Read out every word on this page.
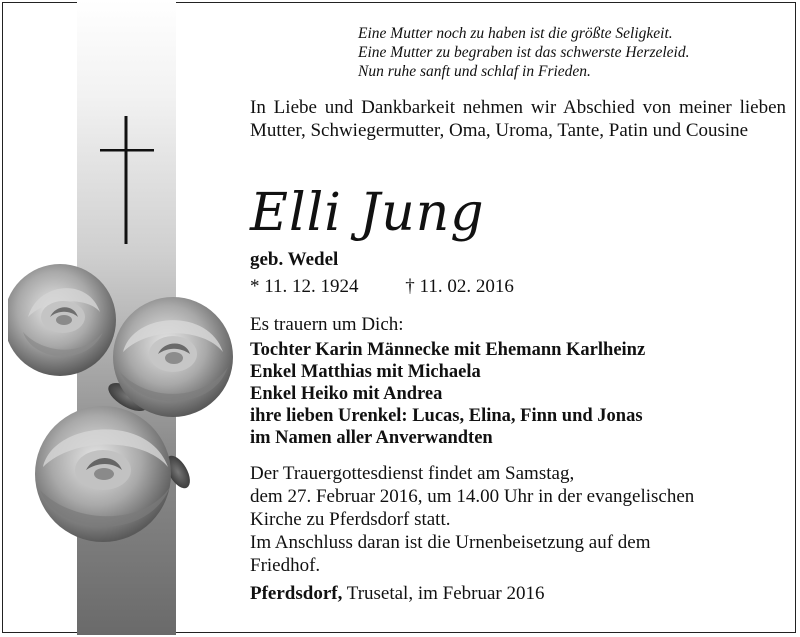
Eine Mutter noch zu haben ist die größte Seligkeit.
Eine Mutter zu begraben ist das schwerste Herzeleid.
Nun ruhe sanft und schlaf in Frieden.
In Liebe und Dankbarkeit nehmen wir Abschied von meiner lieben Mutter, Schwiegermutter, Oma, Uroma, Tante, Patin und Cousine
Elli Jung
geb. Wedel
* 11. 12. 1924 † 11. 02. 2016
Es trauern um Dich:
Tochter Karin Männecke mit Ehemann Karlheinz
Enkel Matthias mit Michaela
Enkel Heiko mit Andrea
ihre lieben Urenkel: Lucas, Elina, Finn und Jonas
im Namen aller Anverwandten
Der Trauergottesdienst findet am Samstag,
dem 27. Februar 2016, um 14.00 Uhr in der evangelischen
Kirche zu Pferdsdorf statt.
Im Anschluss daran ist die Urnenbeisetzung auf dem
Friedhof.
Pferdsdorf, Trusetal, im Februar 2016
